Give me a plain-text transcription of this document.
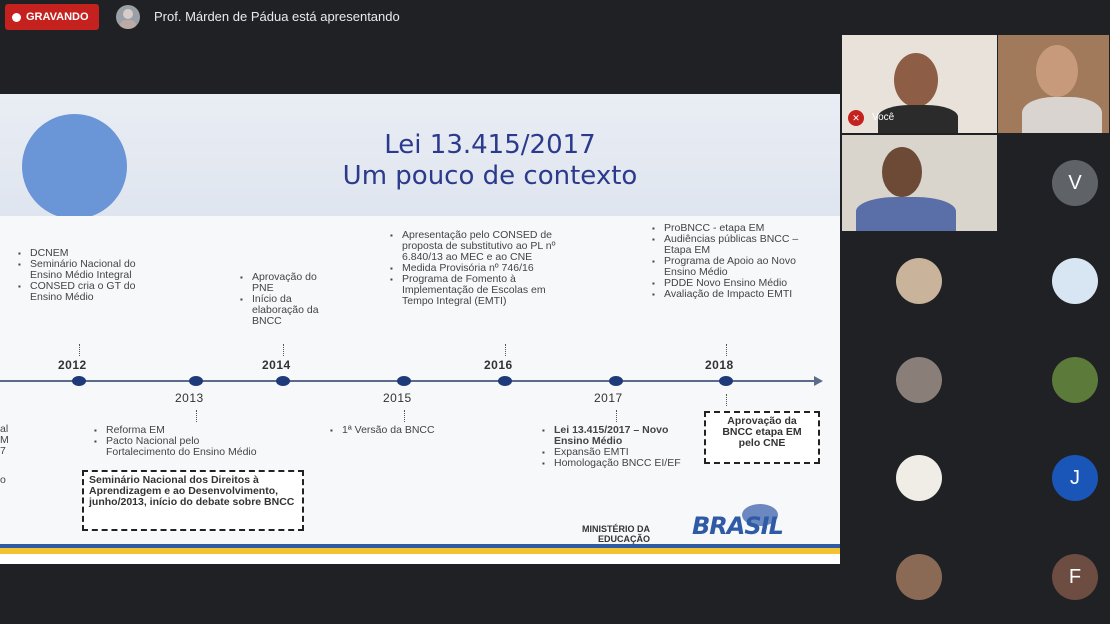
GRAVANDO	Prof. Márden de Pádua está apresentando
Lei 13.415/2017
Um pouco de contexto
al
M
7
o
▪ DCNEM
▪ Seminário Nacional do Ensino Médio Integral
▪ CONSED cria o GT do Ensino Médio
▪ Aprovação do PNE
▪ Início da elaboração da BNCC
▪ Apresentação pelo CONSED de proposta de substitutivo ao PL nº 6.840/13 ao MEC e ao CNE
▪ Medida Provisória nº 746/16
▪ Programa de Fomento à Implementação de Escolas em Tempo Integral (EMTI)
▪ ProBNCC - etapa EM
▪ Audiências públicas BNCC – Etapa EM
▪ Programa de Apoio ao Novo Ensino Médio
▪ PDDE Novo Ensino Médio
▪ Avaliação de Impacto EMTI
2012	2014	2016	2018
2013	2015	2017
▪ Reforma EM
▪ Pacto Nacional pelo Fortalecimento do Ensino Médio
Seminário Nacional dos Direitos à Aprendizagem e ao Desenvolvimento, junho/2013, início do debate sobre BNCC
▪ 1ª Versão da BNCC
▪	Lei 13.415/2017 – Novo Ensino Médio
▪ Expansão EMTI
▪ Homologação BNCC EI/EF
Aprovação da BNCC etapa EM pelo CNE
MINISTÉRIO DA
EDUCAÇÃO BRASIL
✕	Você
V
J
F
